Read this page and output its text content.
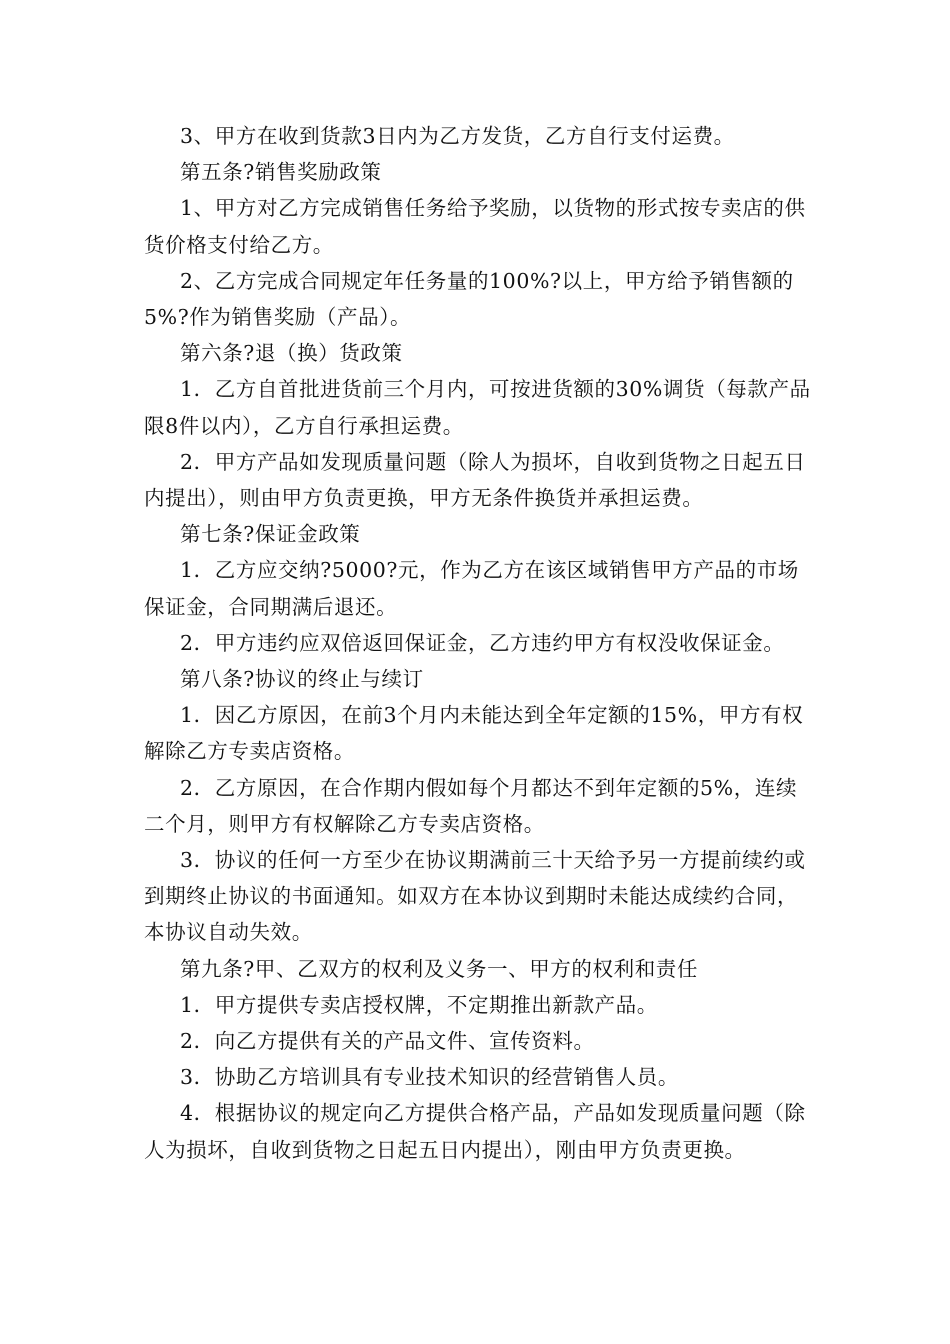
3、甲方在收到货款3日内为乙方发货，乙方自行支付运费。

第五条?销售奖励政策

1、甲方对乙方完成销售任务给予奖励，以货物的形式按专卖店的供货价格支付给乙方。

2、乙方完成合同规定年任务量的100%?以上，甲方给予销售额的5%?作为销售奖励（产品）。

第六条?退（换）货政策

1．乙方自首批进货前三个月内，可按进货额的30%调货（每款产品限8件以内），乙方自行承担运费。

2．甲方产品如发现质量问题（除人为损坏，自收到货物之日起五日内提出），则由甲方负责更换，甲方无条件换货并承担运费。

第七条?保证金政策

1．乙方应交纳?5000?元，作为乙方在该区域销售甲方产品的市场保证金，合同期满后退还。

2．甲方违约应双倍返回保证金，乙方违约甲方有权没收保证金。

第八条?协议的终止与续订

1．因乙方原因，在前3个月内未能达到全年定额的15%，甲方有权解除乙方专卖店资格。

2．乙方原因，在合作期内假如每个月都达不到年定额的5%，连续二个月，则甲方有权解除乙方专卖店资格。

3．协议的任何一方至少在协议期满前三十天给予另一方提前续约或到期终止协议的书面通知。如双方在本协议到期时未能达成续约合同，本协议自动失效。

第九条?甲、乙双方的权利及义务一、甲方的权利和责任

1．甲方提供专卖店授权牌，不定期推出新款产品。

2．向乙方提供有关的产品文件、宣传资料。

3．协助乙方培训具有专业技术知识的经营销售人员。

4．根据协议的规定向乙方提供合格产品，产品如发现质量问题（除人为损坏，自收到货物之日起五日内提出），刚由甲方负责更换。
